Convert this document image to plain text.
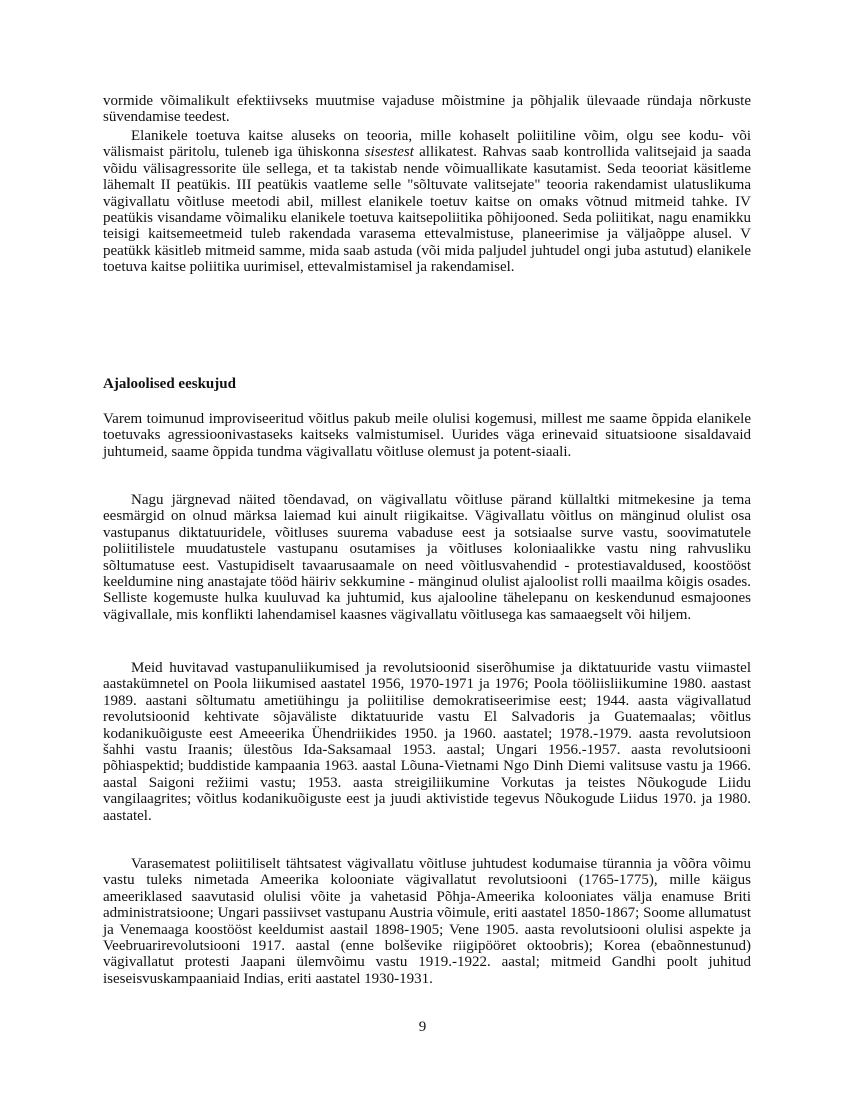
vormide võimalikult efektiivseks muutmise vajaduse mõistmine ja põhjalik ülevaade ründaja nõrkuste süvendamise teedest.

Elanikele toetuva kaitse aluseks on teooria, mille kohaselt poliitiline võim, olgu see kodu- või välismaist päritolu, tuleneb iga ühiskonna sisestest allikatest. Rahvas saab kontrollida valitsejaid ja saada võidu välisagressorite üle sellega, et ta takistab nende võimuallikate kasutamist. Seda teooriat käsitleme lähemalt II peatükis. III peatükis vaatleme selle "sõltuvate valitsejate" teooria rakendamist ulatuslikuma vägivallatu võitluse meetodi abil, millest elanikele toetuv kaitse on omaks võtnud mitmeid tahke. IV peatükis visandame võimaliku elanikele toetuva kaitsepoliitika põhijooned. Seda poliitikat, nagu enamikku teisigi kaitsemeetmeid tuleb rakendada varasema ettevalmistuse, planeerimise ja väljaõppe alusel. V peatükk käsitleb mitmeid samme, mida saab astuda (või mida paljudel juhtudel ongi juba astutud) elanikele toetuva kaitse poliitika uurimisel, ettevalmistamisel ja rakendamisel.

Ajaloolised eeskujud

Varem toimunud improviseeritud võitlus pakub meile olulisi kogemusi, millest me saame õppida elanikele toetuvaks agressioonivastaseks kaitseks valmistumisel. Uurides väga erinevaid situatsioone sisaldavaid juhtumeid, saame õppida tundma vägivallatu võitluse olemust ja potent-siaali.

Nagu järgnevad näited tõendavad, on vägivallatu võitluse pärand küllaltki mitmekesine ja tema eesmärgid on olnud märksa laiemad kui ainult riigikaitse. Vägivallatu võitlus on mänginud olulist osa vastupanus diktatuuridele, võitluses suurema vabaduse eest ja sotsiaalse surve vastu, soovimatutele poliitilistele muudatustele vastupanu osutamises ja võitluses koloniaalikke vastu ning rahvusliku sõltumatuse eest. Vastupidiselt tavaarusaamale on need võitlusvahendid - protestiavaldused, koostööst keeldumine ning anastajate tööd häiriv sekkumine - mänginud olulist ajaloolist rolli maailma kõigis osades. Selliste kogemuste hulka kuuluvad ka juhtumid, kus ajalooline tähelepanu on keskendunud esmajoones vägivallale, mis konflikti lahendamisel kaasnes vägivallatu võitlusega kas samaaegselt või hiljem.

Meid huvitavad vastupanuliikumised ja revolutsioonid siserõhumise ja diktatuuride vastu viimastel aastakümnetel on Poola liikumised aastatel 1956, 1970-1971 ja 1976; Poola tööliisliikumine 1980. aastast 1989. aastani sõltumatu ametiühingu ja poliitilise demokratiseerimise eest; 1944. aasta vägivallatud revolutsioonid kehtivate sõjaväliste diktatuuride vastu El Salvadoris ja Guatemaalas; võitlus kodanikuõiguste eest Ameeerika Ühendriikides 1950. ja 1960. aastatel; 1978.-1979. aasta revolutsioon šahhi vastu Iraanis; ülestõus Ida-Saksamaal 1953. aastal; Ungari 1956.-1957. aasta revolutsiooni põhiaspektid; buddistide kampaania 1963. aastal Lõuna-Vietnami Ngo Dinh Diemi valitsuse vastu ja 1966. aastal Saigoni režiimi vastu; 1953. aasta streigiliikumine Vorkutas ja teistes Nõukogude Liidu vangilaagrites; võitlus kodanikuõiguste eest ja juudi aktivistide tegevus Nõukogude Liidus 1970. ja 1980. aastatel.

Varasematest poliitiliselt tähtsatest vägivallatu võitluse juhtudest kodumaise türannia ja võõra võimu vastu tuleks nimetada Ameerika kolooniate vägivallatut revolutsiooni (1765-1775), mille käigus ameeriklased saavutasid olulisi võite ja vahetasid Põhja-Ameerika kolooniates välja enamuse Briti administratsioone; Ungari passiivset vastupanu Austria võimule, eriti aastatel 1850-1867; Soome allumatust ja Venemaaga koostööst keeldumist aastail 1898-1905; Vene 1905. aasta revolutsiooni olulisi aspekte ja Veebruarirevolutsiooni 1917. aastal (enne bolševike riigipööret oktoobris); Korea (ebaõnnestunud) vägivallatut protesti Jaapani ülemvõimu vastu 1919.-1922. aastal; mitmeid Gandhi poolt juhitud iseseisvuskampaaniaid Indias, eriti aastatel 1930-1931.

9
